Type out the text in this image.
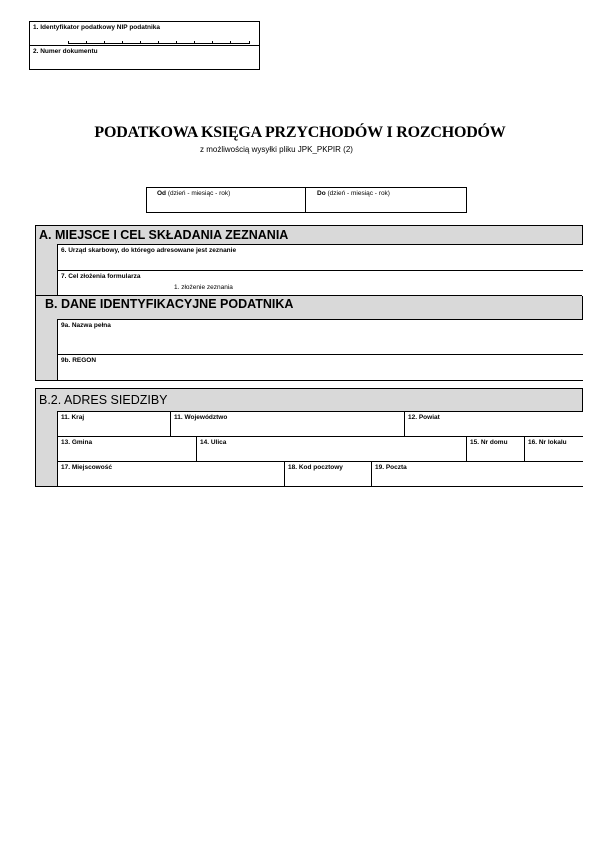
1. Identyfikator podatkowy NIP podatnika
2. Numer dokumentu
PODATKOWA KSIĘGA PRZYCHODÓW I ROZCHODÓW
z możliwością wysyłki pliku JPK_PKPIR (2)
Od (dzień - miesiąc - rok)	Do (dzień - miesiąc - rok)
A. MIEJSCE I CEL SKŁADANIA ZEZNANIA
6. Urząd skarbowy, do którego adresowane jest zeznanie
7. Cel złożenia formularza
1. złożenie zeznania
B. DANE IDENTYFIKACYJNE PODATNIKA
9a. Nazwa pełna
9b. REGON
B.2. ADRES SIEDZIBY
11. Kraj	11. Województwo	12. Powiat
13. Gmina	14. Ulica	15. Nr domu	16. Nr lokalu
17. Miejscowość	18. Kod pocztowy	19. Poczta
